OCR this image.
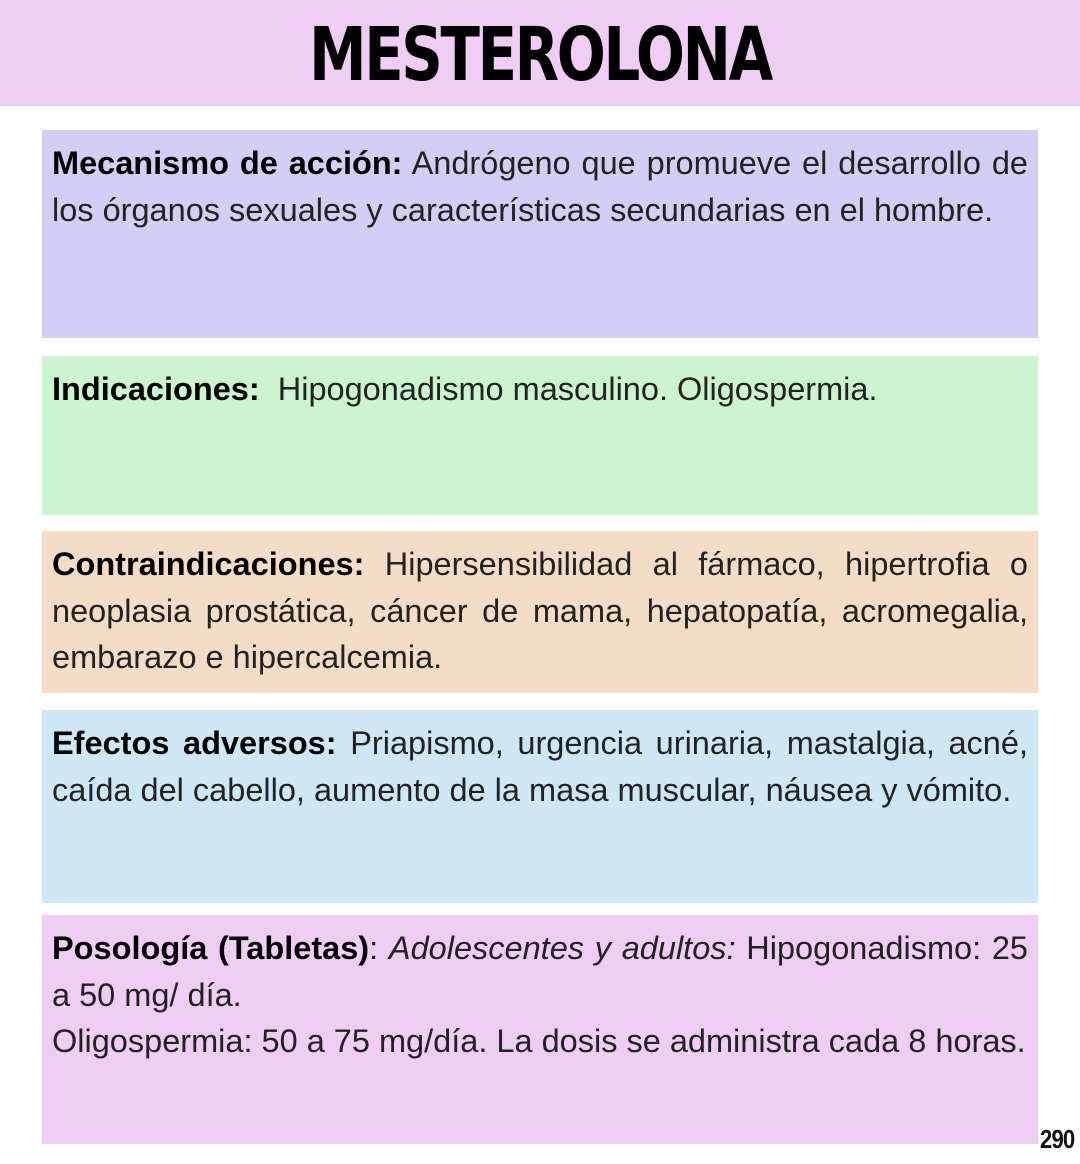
MESTEROLONA
Mecanismo de acción: Andrógeno que promueve el desarrollo de los órganos sexuales y características secundarias en el hombre.
Indicaciones:  Hipogonadismo masculino. Oligospermia.
Contraindicaciones: Hipersensibilidad al fármaco, hipertrofia o neoplasia prostática, cáncer de mama, hepatopatía, acromegalia, embarazo e hipercalcemia.
Efectos adversos: Priapismo, urgencia urinaria, mastalgia, acné, caída del cabello, aumento de la masa muscular, náusea y vómito.
Posología (Tabletas): Adolescentes y adultos: Hipogonadismo: 25 a 50 mg/ día.
Oligospermia: 50 a 75 mg/día. La dosis se administra cada 8 horas.
290
